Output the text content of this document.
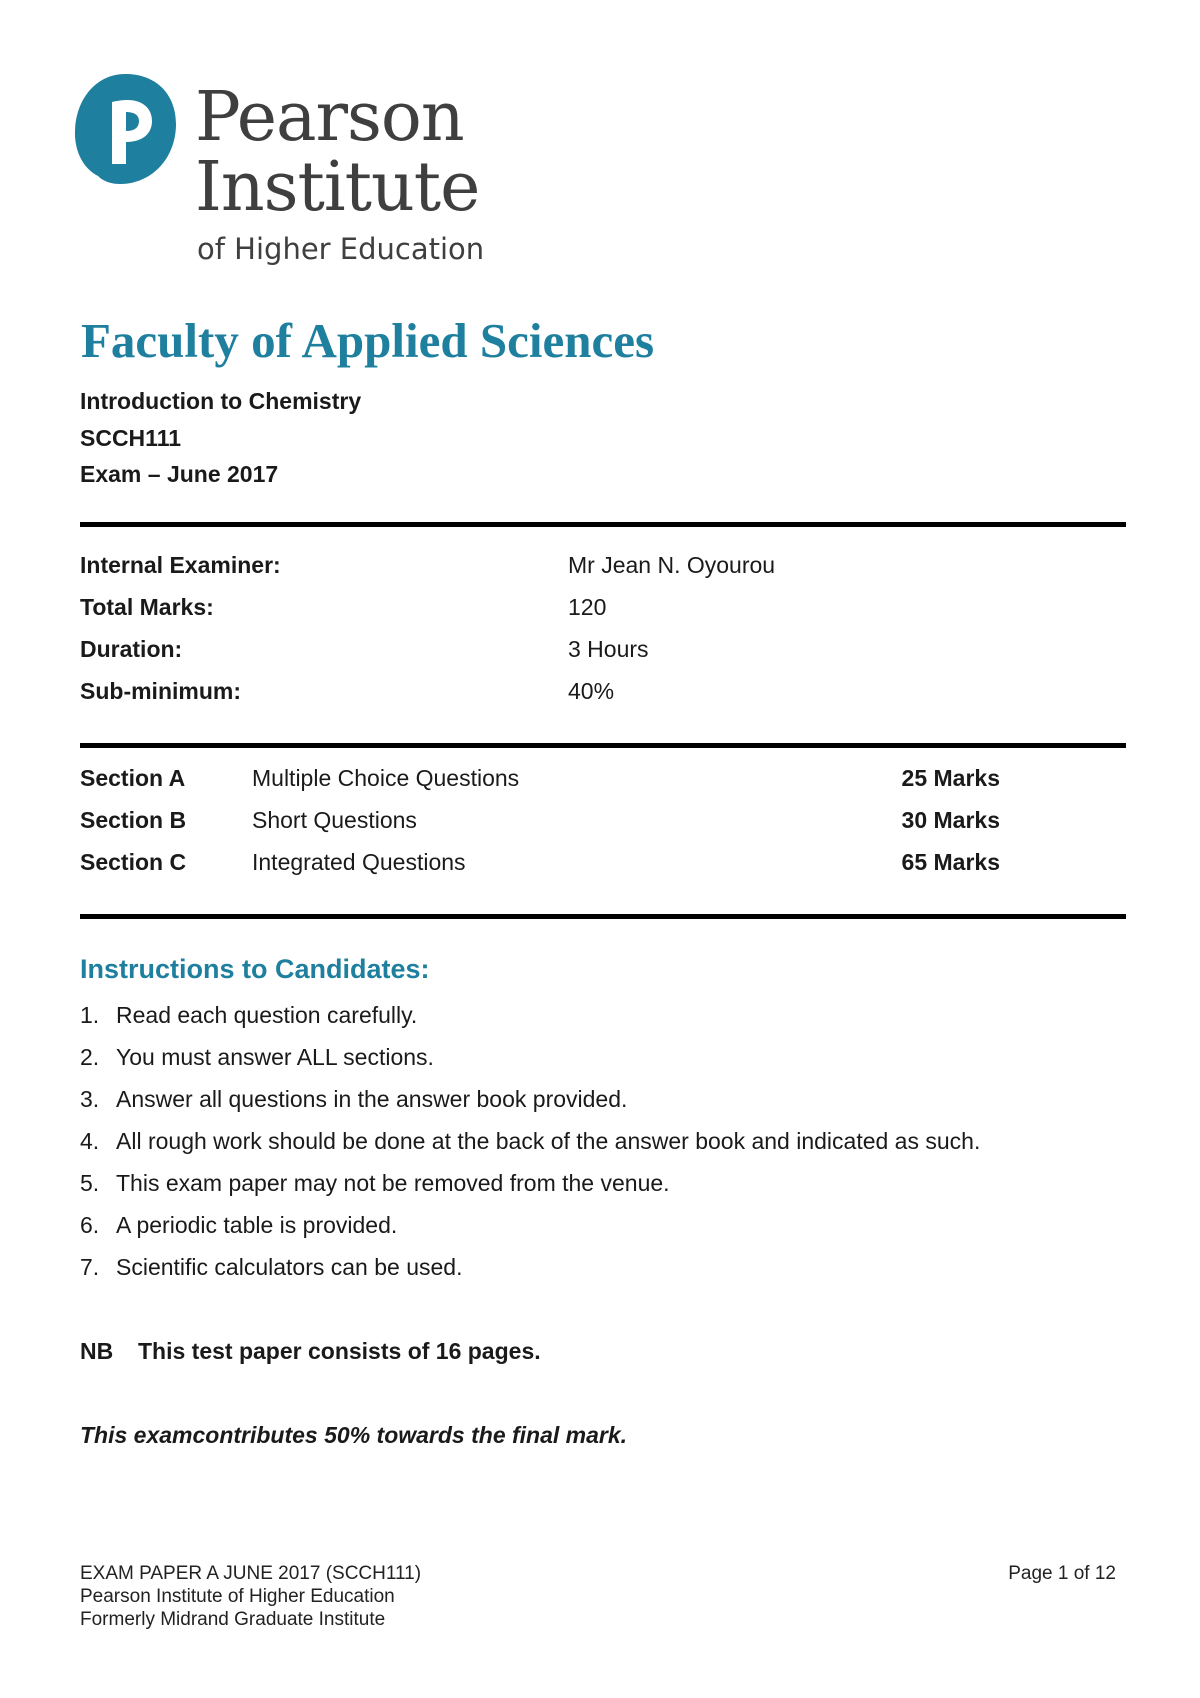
Pearson
Institute
of Higher Education
Faculty of Applied Sciences
Introduction to Chemistry
SCCH111
Exam – June 2017
Internal Examiner:	Mr Jean N. Oyourou
Total Marks:	120
Duration:	3 Hours
Sub-minimum:	40%
Section A	Multiple Choice Questions	25 Marks
Section B	Short Questions	30 Marks
Section C	Integrated Questions	65 Marks
Instructions to Candidates:
1. Read each question carefully.
2. You must answer ALL sections.
3. Answer all questions in the answer book provided.
4. All rough work should be done at the back of the answer book and indicated as such.
5. This exam paper may not be removed from the venue.
6. A periodic table is provided.
7. Scientific calculators can be used.
NB This test paper consists of 16 pages.
This examcontributes 50% towards the final mark.
EXAM PAPER A JUNE 2017 (SCCH111)
Pearson Institute of Higher Education
Formerly Midrand Graduate Institute
Page 1 of 12
